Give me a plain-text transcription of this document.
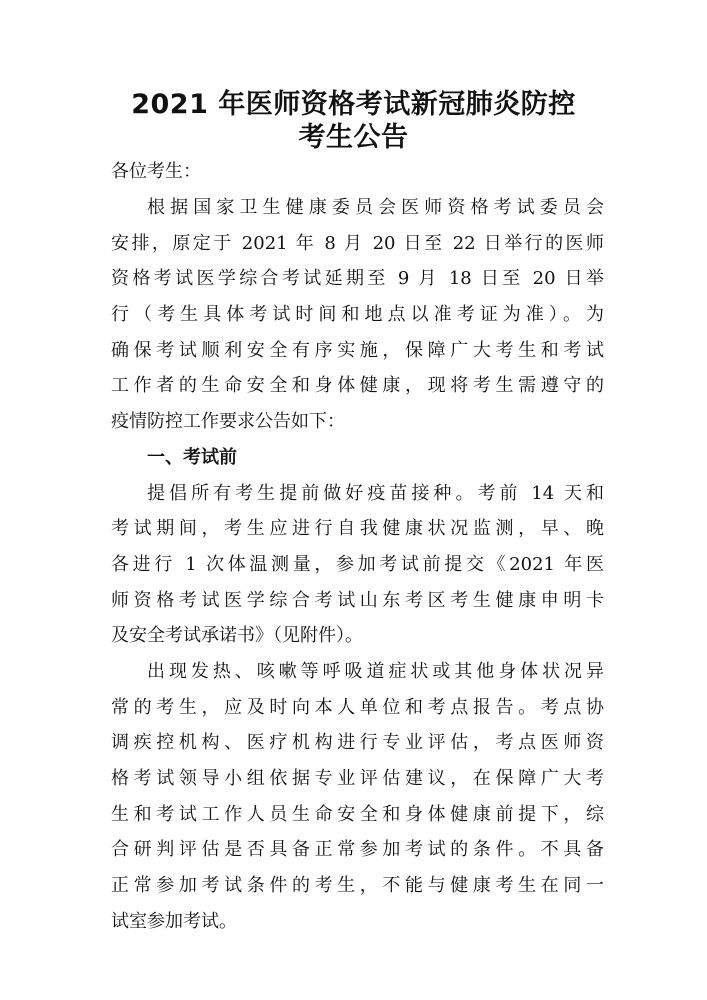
2021 年医师资格考试新冠肺炎防控
考生公告

各位考生：

根据国家卫生健康委员会医师资格考试委员会

安排，原定于 2021 年 8 月 20 日至 22 日举行的医师

资格考试医学综合考试延期至 9 月 18 日至 20 日举

行（考生具体考试时间和地点以准考证为准）。为

确保考试顺利安全有序实施，保障广大考生和考试

工作者的生命安全和身体健康，现将考生需遵守的

疫情防控工作要求公告如下：

一、考试前

提倡所有考生提前做好疫苗接种。考前 14 天和

考试期间，考生应进行自我健康状况监测，早、晚

各进行 1 次体温测量，参加考试前提交《2021 年医

师资格考试医学综合考试山东考区考生健康申明卡

及安全考试承诺书》（见附件）。

出现发热、咳嗽等呼吸道症状或其他身体状况异

常的考生，应及时向本人单位和考点报告。考点协

调疾控机构、医疗机构进行专业评估，考点医师资

格考试领导小组依据专业评估建议，在保障广大考

生和考试工作人员生命安全和身体健康前提下，综

合研判评估是否具备正常参加考试的条件。不具备

正常参加考试条件的考生，不能与健康考生在同一

试室参加考试。
